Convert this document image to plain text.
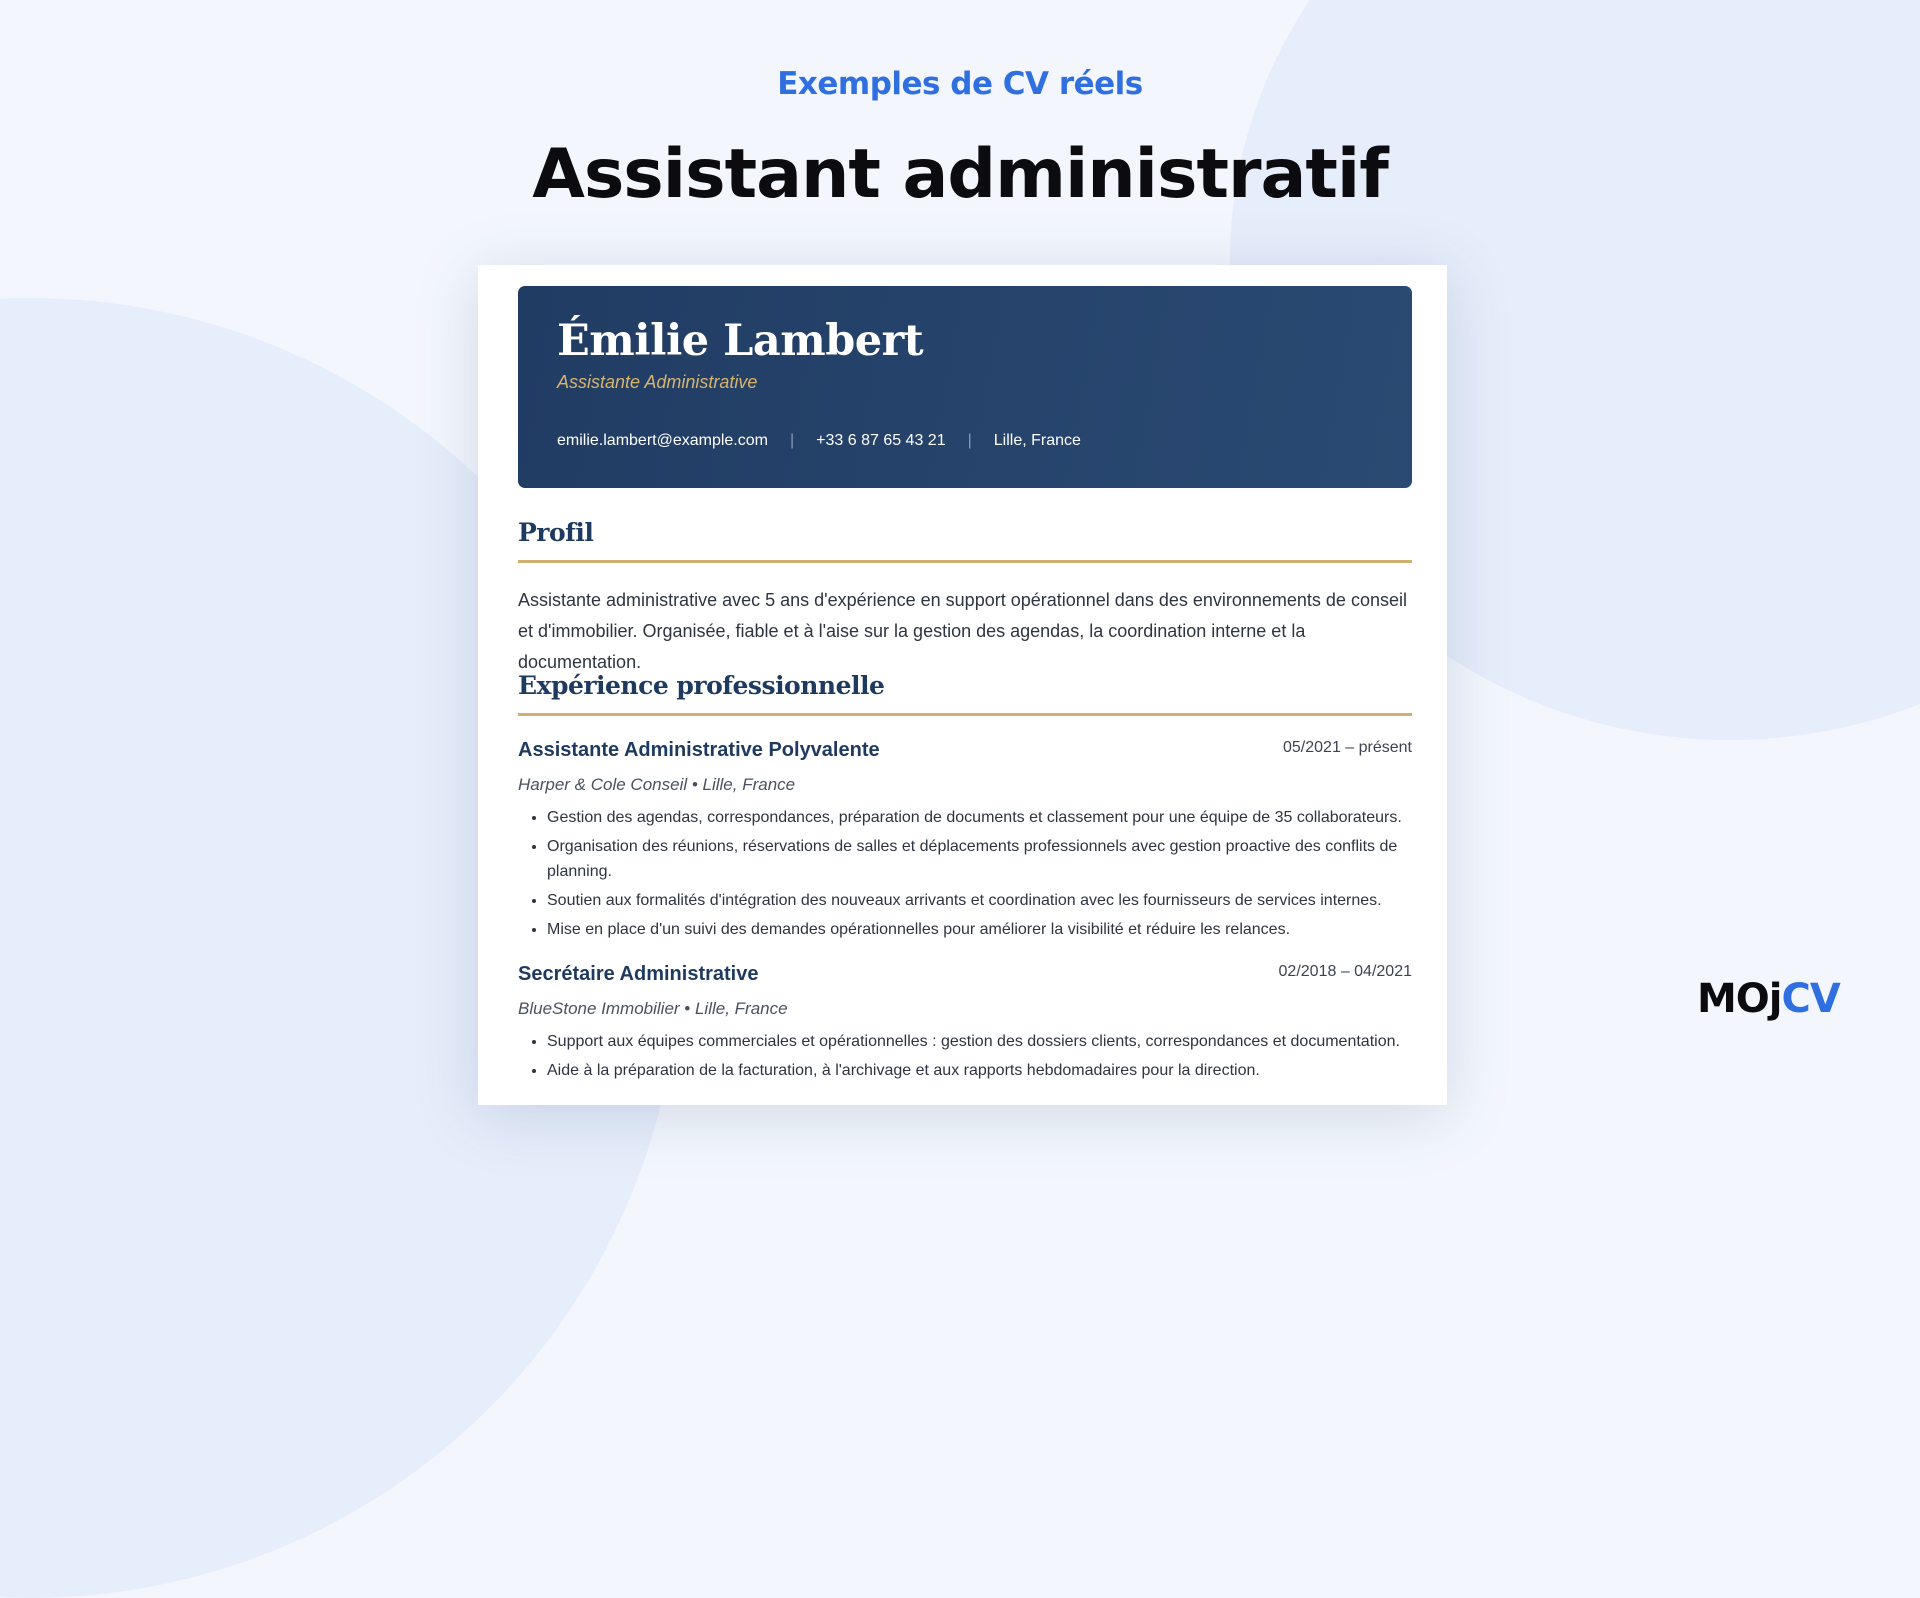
Exemples de CV réels
Assistant administratif
Émilie Lambert
Assistante Administrative
emilie.lambert@example.com | +33 6 87 65 43 21 | Lille, France
Profil
Assistante administrative avec 5 ans d'expérience en support opérationnel dans des environnements de conseil et d'immobilier. Organisée, fiable et à l'aise sur la gestion des agendas, la coordination interne et la documentation.
Expérience professionnelle
Assistante Administrative Polyvalente	05/2021 – présent
Harper & Cole Conseil • Lille, France
• Gestion des agendas, correspondances, préparation de documents et classement pour une équipe de 35 collaborateurs.
• Organisation des réunions, réservations de salles et déplacements professionnels avec gestion proactive des conflits de planning.
• Soutien aux formalités d'intégration des nouveaux arrivants et coordination avec les fournisseurs de services internes.
• Mise en place d'un suivi des demandes opérationnelles pour améliorer la visibilité et réduire les relances.
Secrétaire Administrative	02/2018 – 04/2021
BlueStone Immobilier • Lille, France
• Support aux équipes commerciales et opérationnelles : gestion des dossiers clients, correspondances et documentation.
• Aide à la préparation de la facturation, à l'archivage et aux rapports hebdomadaires pour la direction.
MOjCV
